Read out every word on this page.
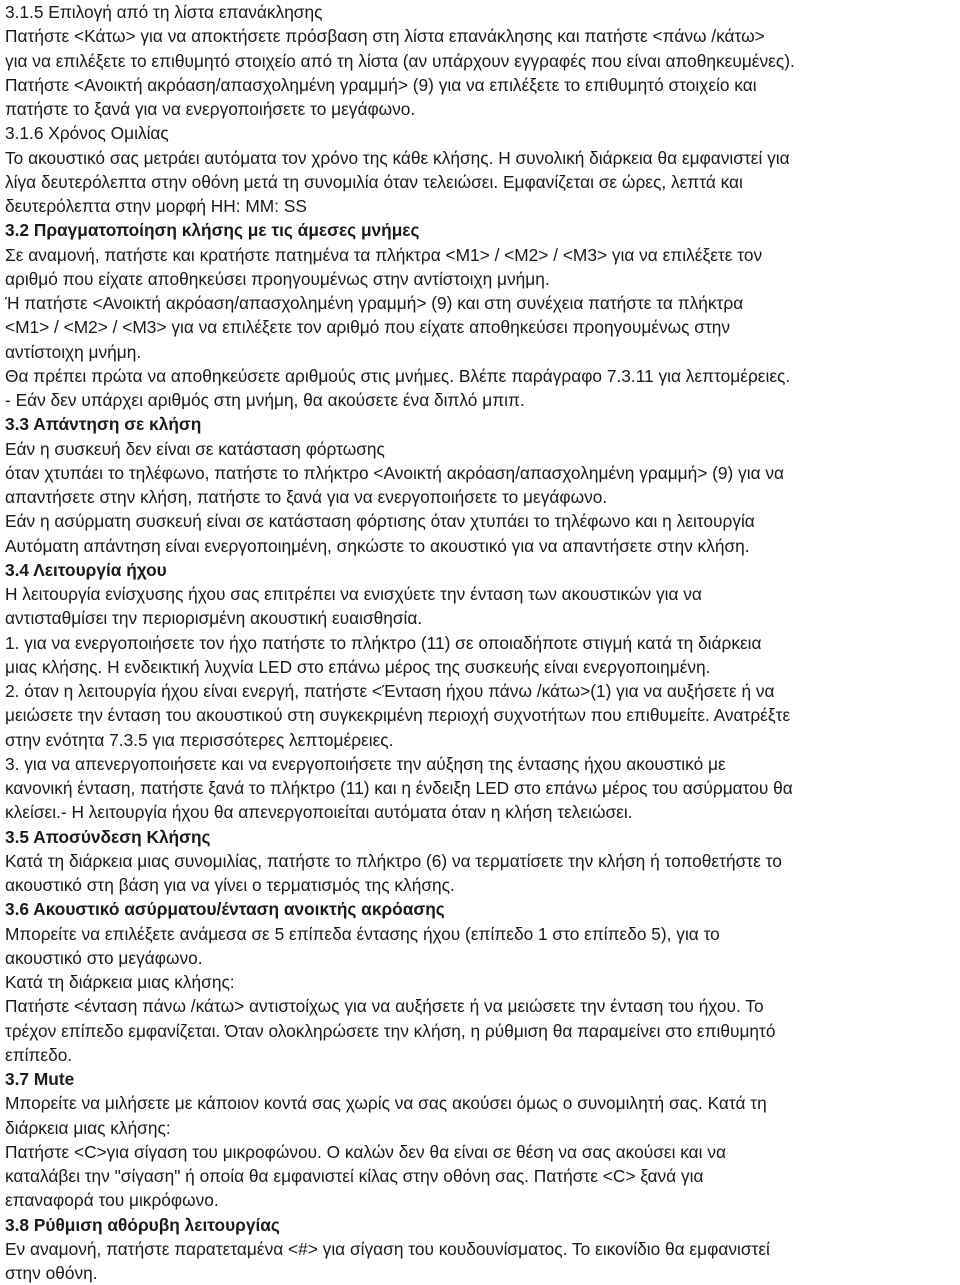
3.1.5 Επιλογή από τη λίστα επανάκλησης
Πατήστε <Κάτω> για να αποκτήσετε πρόσβαση στη λίστα επανάκλησης και πατήστε <πάνω /κάτω>
για να επιλέξετε το επιθυμητό στοιχείο από τη λίστα (αν υπάρχουν εγγραφές που είναι αποθηκευμένες).
Πατήστε <Ανοικτή ακρόαση/απασχολημένη γραμμή> (9) για να επιλέξετε το επιθυμητό στοιχείο και
πατήστε το ξανά για να ενεργοποιήσετε το μεγάφωνο.
3.1.6 Χρόνος Ομιλίας
Το ακουστικό σας μετράει αυτόματα τον χρόνο της κάθε κλήσης. Η συνολική διάρκεια θα εμφανιστεί για
λίγα δευτερόλεπτα στην οθόνη μετά τη συνομιλία όταν τελειώσει. Εμφανίζεται σε ώρες, λεπτά και
δευτερόλεπτα στην μορφή HH: MM: SS
3.2 Πραγματοποίηση κλήσης με τις άμεσες μνήμες
Σε αναμονή, πατήστε και κρατήστε πατημένα τα πλήκτρα <M1> / <M2> / <M3> για να επιλέξετε τον
αριθμό που είχατε αποθηκεύσει προηγουμένως στην αντίστοιχη μνήμη.
Ή πατήστε <Ανοικτή ακρόαση/απασχολημένη γραμμή> (9) και στη συνέχεια πατήστε τα πλήκτρα
<M1> / <M2> / <M3> για να επιλέξετε τον αριθμό που είχατε αποθηκεύσει προηγουμένως στην
αντίστοιχη μνήμη.
Θα πρέπει πρώτα να αποθηκεύσετε αριθμούς στις μνήμες. Βλέπε παράγραφο 7.3.11 για λεπτομέρειες.
- Εάν δεν υπάρχει αριθμός στη μνήμη, θα ακούσετε ένα διπλό μπιπ.
3.3 Απάντηση σε κλήση
Εάν η συσκευή δεν είναι σε κατάσταση φόρτωσης
όταν χτυπάει το τηλέφωνο, πατήστε το πλήκτρο <Ανοικτή ακρόαση/απασχολημένη γραμμή> (9) για να
απαντήσετε στην κλήση, πατήστε το ξανά για να ενεργοποιήσετε το μεγάφωνο.
Εάν η ασύρματη συσκευή είναι σε κατάσταση φόρτισης όταν χτυπάει το τηλέφωνο και η λειτουργία
Αυτόματη απάντηση είναι ενεργοποιημένη, σηκώστε το ακουστικό για να απαντήσετε στην κλήση.
3.4 Λειτουργία ήχου
Η λειτουργία ενίσχυσης ήχου σας επιτρέπει να ενισχύετε την ένταση των ακουστικών για να
αντισταθμίσει την περιορισμένη ακουστική ευαισθησία.
1. για να ενεργοποιήσετε τον ήχο πατήστε το πλήκτρο (11) σε οποιαδήποτε στιγμή κατά τη διάρκεια
μιας κλήσης. Η ενδεικτική λυχνία LED στο επάνω μέρος της συσκευής είναι ενεργοποιημένη.
2. όταν η λειτουργία ήχου είναι ενεργή, πατήστε <Ένταση ήχου πάνω /κάτω>(1) για να αυξήσετε ή να
μειώσετε την ένταση του ακουστικού στη συγκεκριμένη περιοχή συχνοτήτων που επιθυμείτε. Ανατρέξτε
στην ενότητα 7.3.5 για περισσότερες λεπτομέρειες.
3. για να απενεργοποιήσετε και να ενεργοποιήσετε την αύξηση της έντασης ήχου ακουστικό με
κανονική ένταση, πατήστε ξανά το πλήκτρο (11) και η ένδειξη LED στο επάνω μέρος του ασύρματου θα
κλείσει.- Η λειτουργία ήχου θα απενεργοποιείται αυτόματα όταν η κλήση τελειώσει.
3.5 Αποσύνδεση Κλήσης
Κατά τη διάρκεια μιας συνομιλίας, πατήστε το πλήκτρο (6) να τερματίσετε την κλήση ή τοποθετήστε το
ακουστικό στη βάση για να γίνει ο τερματισμός της κλήσης.
3.6 Ακουστικό ασύρματου/ένταση ανοικτής ακρόασης
Μπορείτε να επιλέξετε ανάμεσα σε 5 επίπεδα έντασης ήχου (επίπεδο 1 στο επίπεδο 5), για το
ακουστικό στο μεγάφωνο.
Κατά τη διάρκεια μιας κλήσης:
Πατήστε <ένταση πάνω /κάτω> αντιστοίχως για να αυξήσετε ή να μειώσετε την ένταση του ήχου. Το
τρέχον επίπεδο εμφανίζεται. Όταν ολοκληρώσετε την κλήση, η ρύθμιση θα παραμείνει στο επιθυμητό
επίπεδο.
3.7 Mute
Μπορείτε να μιλήσετε με κάποιον κοντά σας χωρίς να σας ακούσει όμως ο συνομιλητή σας. Κατά τη
διάρκεια μιας κλήσης:
Πατήστε <C>για σίγαση του μικροφώνου. Ο καλών δεν θα είναι σε θέση να σας ακούσει και να
καταλάβει την "σίγαση" ή οποία θα εμφανιστεί κίλας στην οθόνη σας. Πατήστε <C> ξανά για
επαναφορά του μικρόφωνο.
3.8 Ρύθμιση αθόρυβη λειτουργίας
Εν αναμονή, πατήστε παρατεταμένα <#> για σίγαση του κουδουνίσματος. Το εικονίδιο θα εμφανιστεί
στην οθόνη.
